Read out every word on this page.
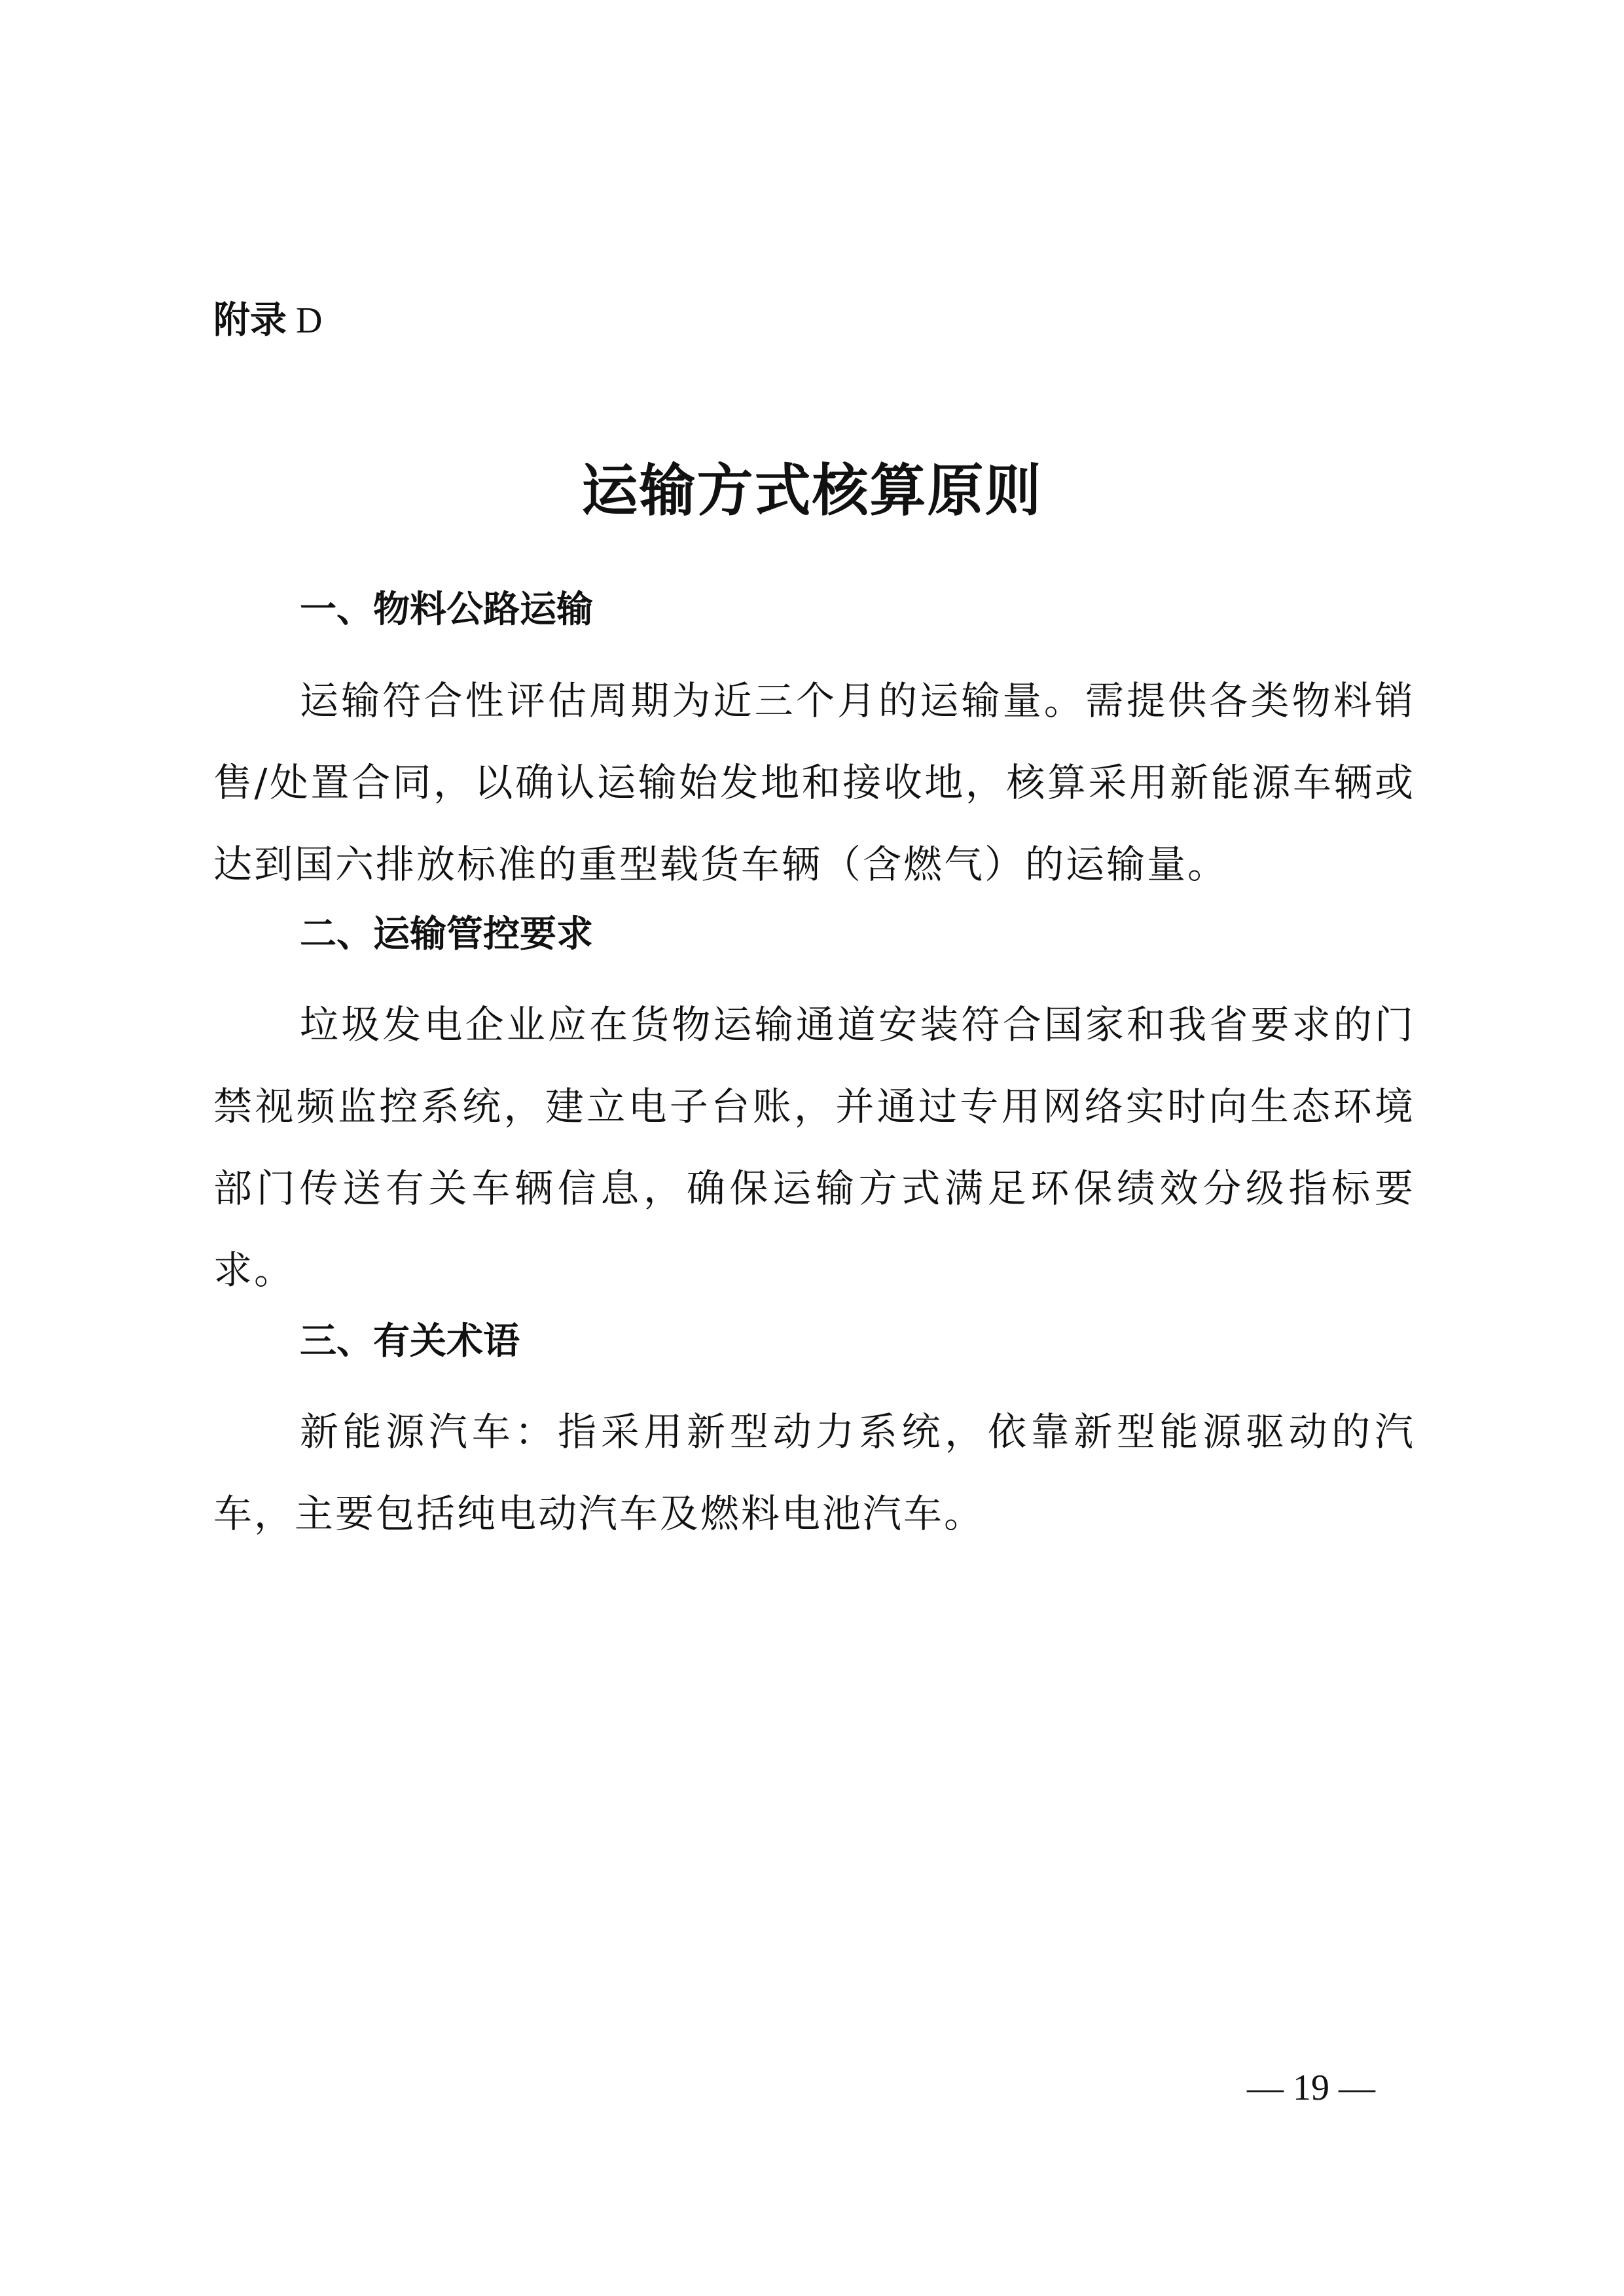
附录 D
运输方式核算原则
一、物料公路运输
运输符合性评估周期为近三个月的运输量。需提供各类物料销售/处置合同，以确认运输始发地和接收地，核算采用新能源车辆或达到国六排放标准的重型载货车辆（含燃气）的运输量。
二、运输管控要求
垃圾发电企业应在货物运输通道安装符合国家和我省要求的门禁视频监控系统，建立电子台账，并通过专用网络实时向生态环境部门传送有关车辆信息，确保运输方式满足环保绩效分级指标要求。
三、有关术语
新能源汽车：指采用新型动力系统，依靠新型能源驱动的汽车，主要包括纯电动汽车及燃料电池汽车。
— 19 —
